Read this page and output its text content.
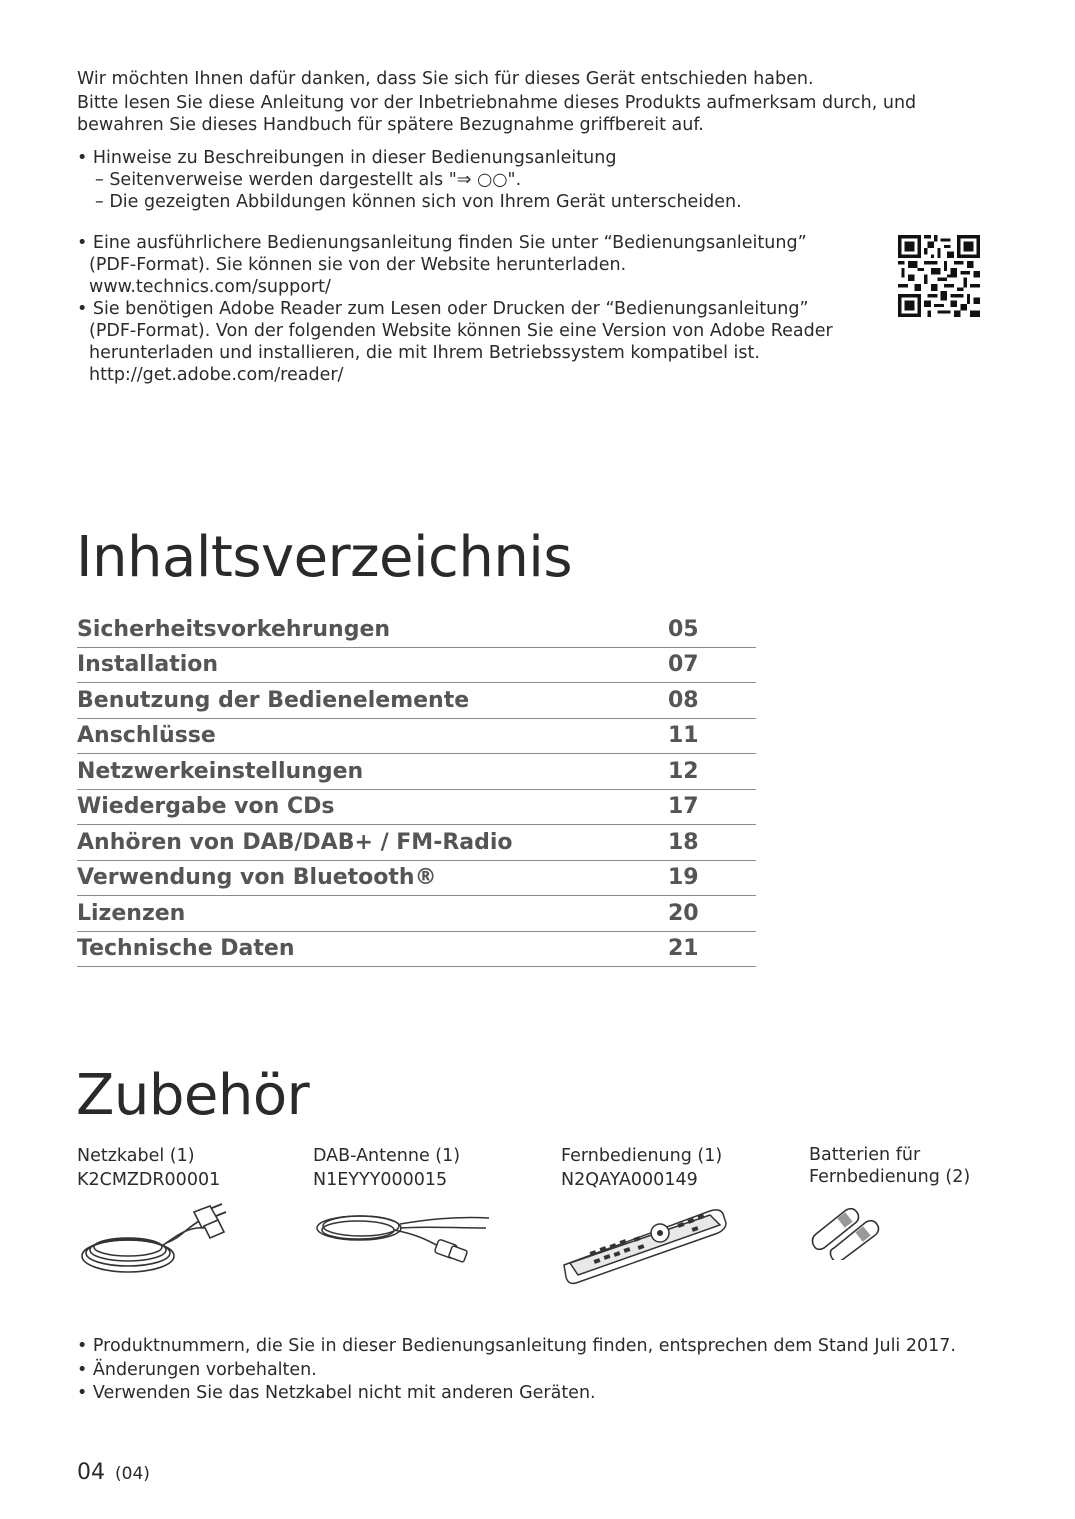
Wir möchten Ihnen dafür danken, dass Sie sich für dieses Gerät entschieden haben.

Bitte lesen Sie diese Anleitung vor der Inbetriebnahme dieses Produkts aufmerksam durch, und bewahren Sie dieses Handbuch für spätere Bezugnahme griffbereit auf.

• Hinweise zu Beschreibungen in dieser Bedienungsanleitung

– Seitenverweise werden dargestellt als "⇒ ○○".

– Die gezeigten Abbildungen können sich von Ihrem Gerät unterscheiden.

• Eine ausführlichere Bedienungsanleitung finden Sie unter “Bedienungsanleitung” (PDF-Format). Sie können sie von der Website herunterladen.

www.technics.com/support/

• Sie benötigen Adobe Reader zum Lesen oder Drucken der “Bedienungsanleitung” (PDF-Format). Von der folgenden Website können Sie eine Version von Adobe Reader herunterladen und installieren, die mit Ihrem Betriebssystem kompatibel ist.

http://get.adobe.com/reader/

Inhaltsverzeichnis
Sicherheitsvorkehrungen	05
Installation	07
Benutzung der Bedienelemente	08
Anschlüsse	11
Netzwerkeinstellungen	12
Wiedergabe von CDs	17
Anhören von DAB/DAB+ / FM-Radio	18
Verwendung von Bluetooth®	19
Lizenzen	20
Technische Daten	21
Zubehör

Netzkabel (1)

K2CMZDR00001

DAB-Antenne (1)

N1EYYY000015

Fernbedienung (1)

N2QAYA000149

Batterien für Fernbedienung (2)

• Produktnummern, die Sie in dieser Bedienungsanleitung finden, entsprechen dem Stand Juli 2017.

• Änderungen vorbehalten.

• Verwenden Sie das Netzkabel nicht mit anderen Geräten.

04 (04)
